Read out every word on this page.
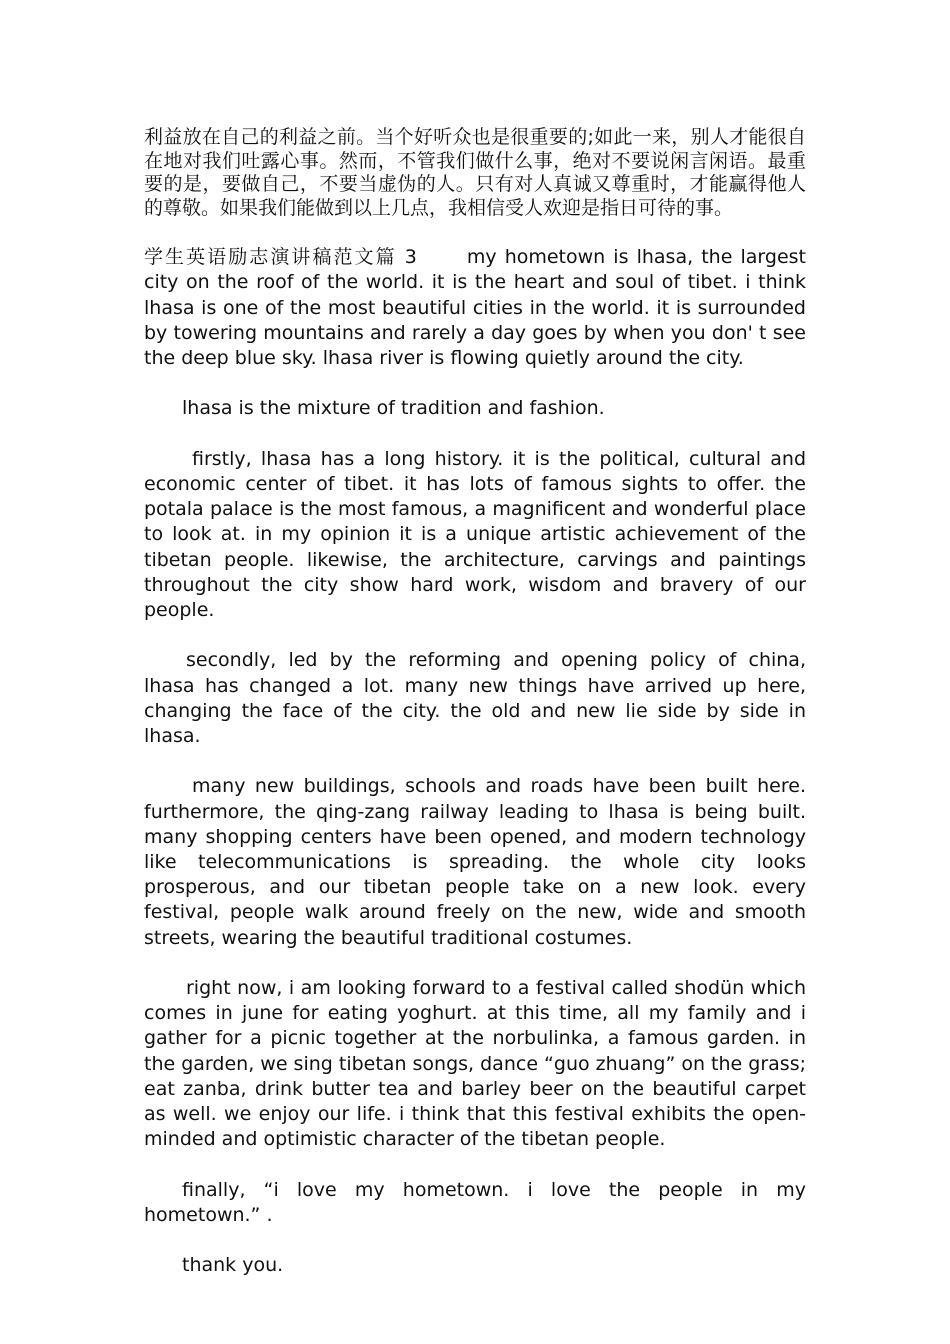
利益放在自己的利益之前。当个好听众也是很重要的;如此一来，别人才能很自在地对我们吐露心事。然而，不管我们做什么事，绝对不要说闲言闲语。最重要的是，要做自己，不要当虚伪的人。只有对人真诚又尊重时，才能赢得他人的尊敬。如果我们能做到以上几点，我相信受人欢迎是指日可待的事。

学生英语励志演讲稿范文篇 3	my hometown is lhasa, the largest city on the roof of the world. it is the heart and soul of tibet. i think lhasa is one of the most beautiful cities in the world. it is surrounded by towering mountains and rarely a day goes by when you don' t see the deep blue sky. lhasa river is flowing quietly around the city.

lhasa is the mixture of tradition and fashion.

firstly, lhasa has a long history. it is the political, cultural and economic center of tibet. it has lots of famous sights to offer. the potala palace is the most famous, a magnificent and wonderful place to look at. in my opinion it is a unique artistic achievement of the tibetan people. likewise, the architecture, carvings and paintings throughout the city show hard work, wisdom and bravery of our people.

secondly, led by the reforming and opening policy of china, lhasa has changed a lot. many new things have arrived up here, changing the face of the city. the old and new lie side by side in lhasa.

many new buildings, schools and roads have been built here. furthermore, the qing-zang railway leading to lhasa is being built. many shopping centers have been opened, and modern technology like telecommunications is spreading. the whole city looks prosperous, and our tibetan people take on a new look. every festival, people walk around freely on the new, wide and smooth streets, wearing the beautiful traditional costumes.

right now, i am looking forward to a festival called shodün which comes in june for eating yoghurt. at this time, all my family and i gather for a picnic together at the norbulinka, a famous garden. in the garden, we sing tibetan songs, dance “guo zhuang” on the grass; eat zanba, drink butter tea and barley beer on the beautiful carpet as well. we enjoy our life. i think that this festival exhibits the open-minded and optimistic character of the tibetan people.

finally, “i love my hometown. i love the people in my hometown.” .

thank you.
